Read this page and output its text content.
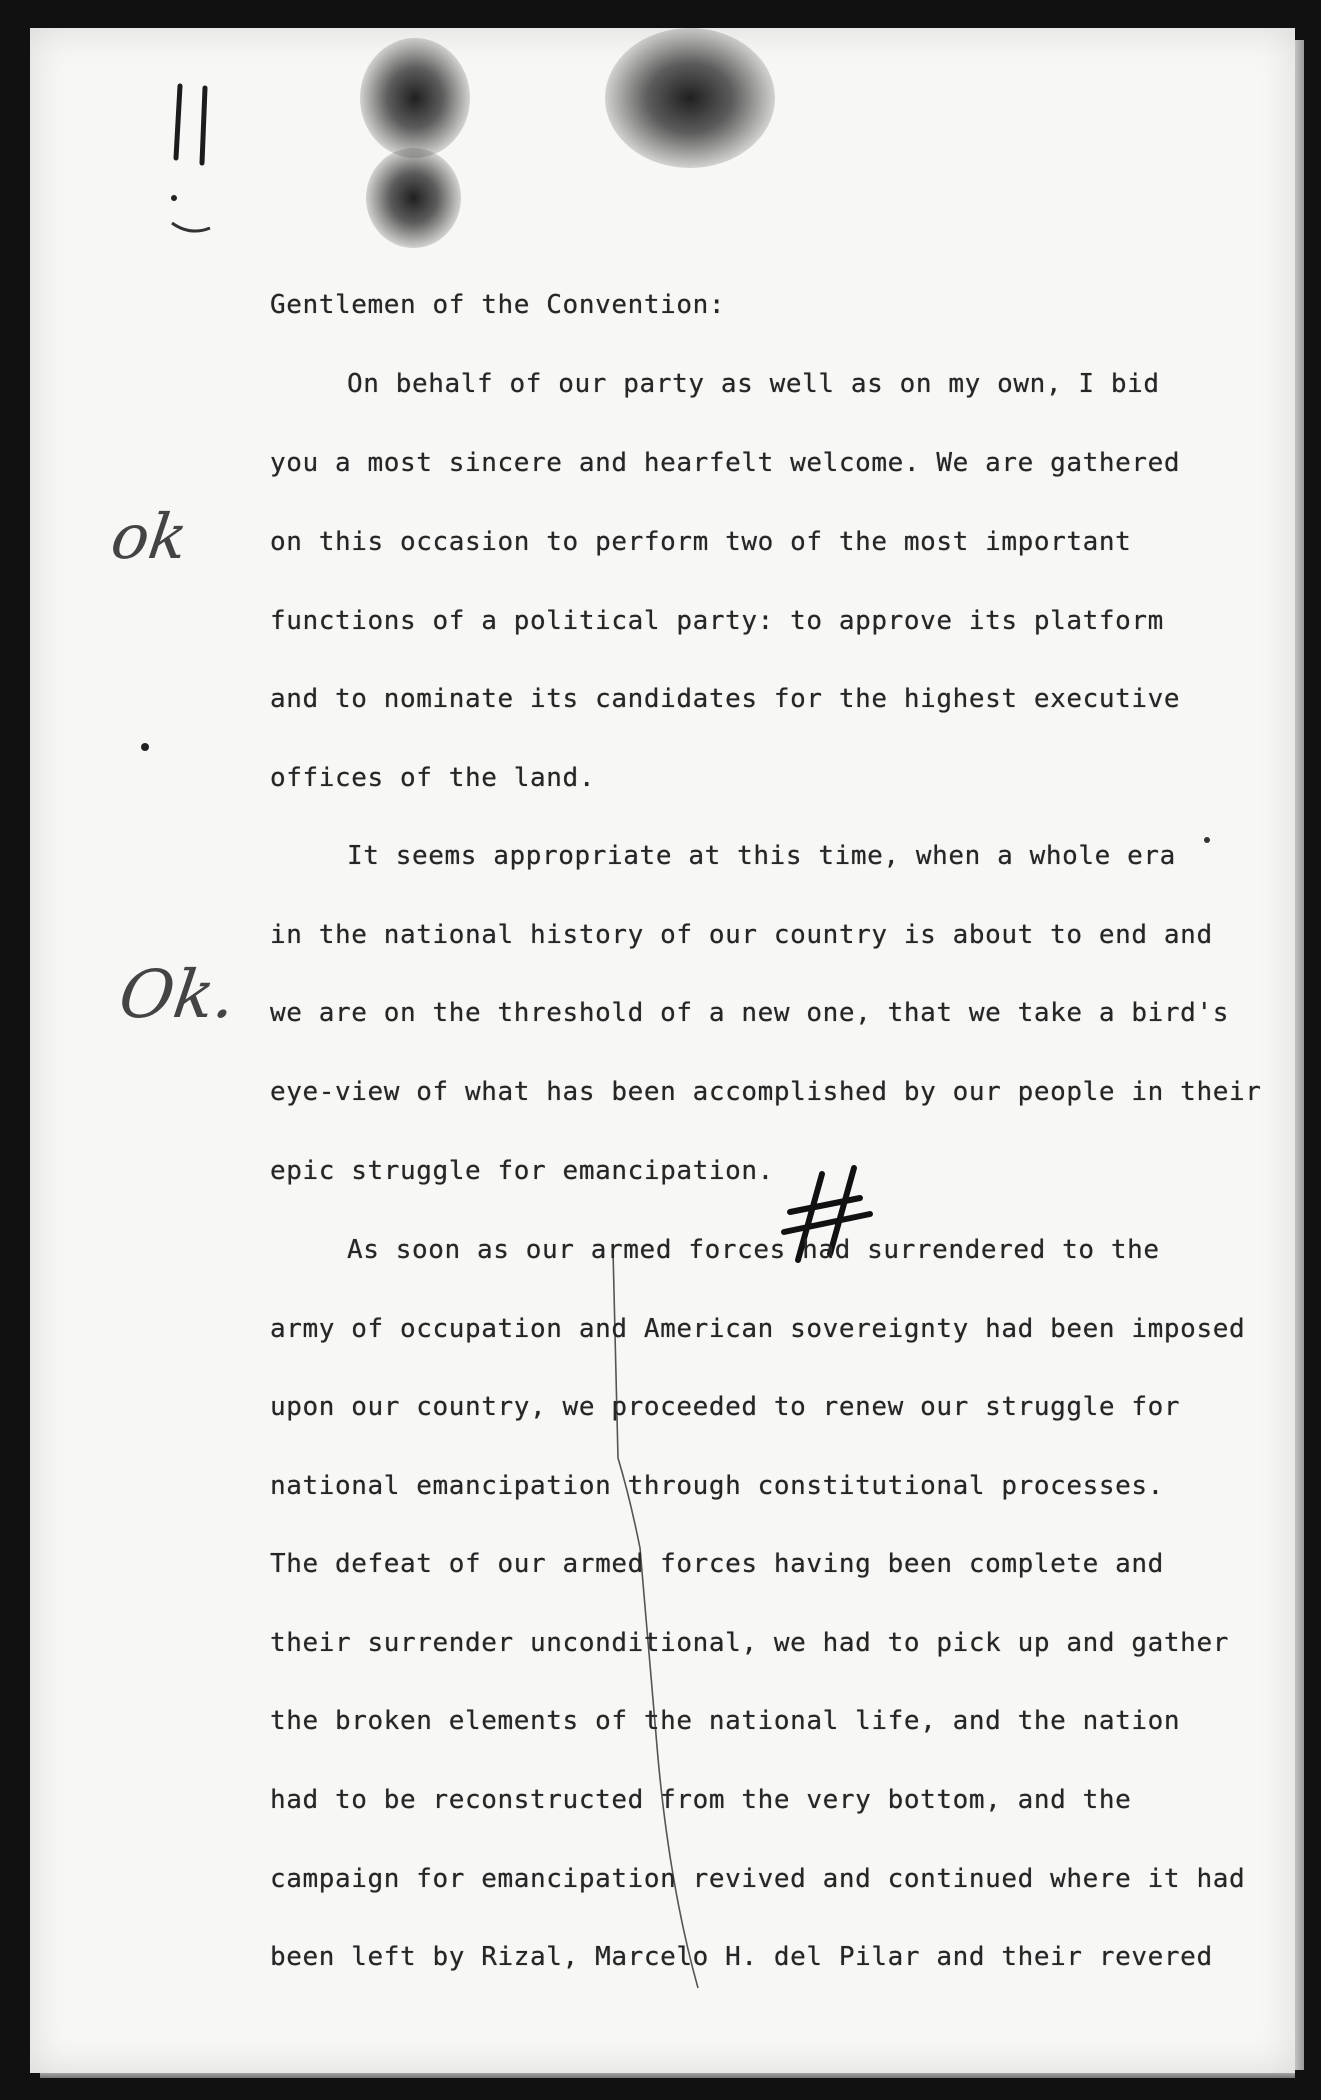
ok
Ok.
Gentlemen of the Convention:
On behalf of our party as well as on my own, I bid
you a most sincere and hearfelt welcome. We are gathered
on this occasion to perform two of the most important
functions of a political party: to approve its platform
and to nominate its candidates for the highest executive
offices of the land.
It seems appropriate at this time, when a whole era
in the national history of our country is about to end and
we are on the threshold of a new one, that we take a bird's
eye-view of what has been accomplished by our people in their
epic struggle for emancipation.
As soon as our armed forces had surrendered to the
army of occupation and American sovereignty had been imposed
upon our country, we proceeded to renew our struggle for
national emancipation through constitutional processes.
The defeat of our armed forces having been complete and
their surrender unconditional, we had to pick up and gather
the broken elements of the national life, and the nation
had to be reconstructed from the very bottom, and the
campaign for emancipation revived and continued where it had
been left by Rizal, Marcelo H. del Pilar and their revered
